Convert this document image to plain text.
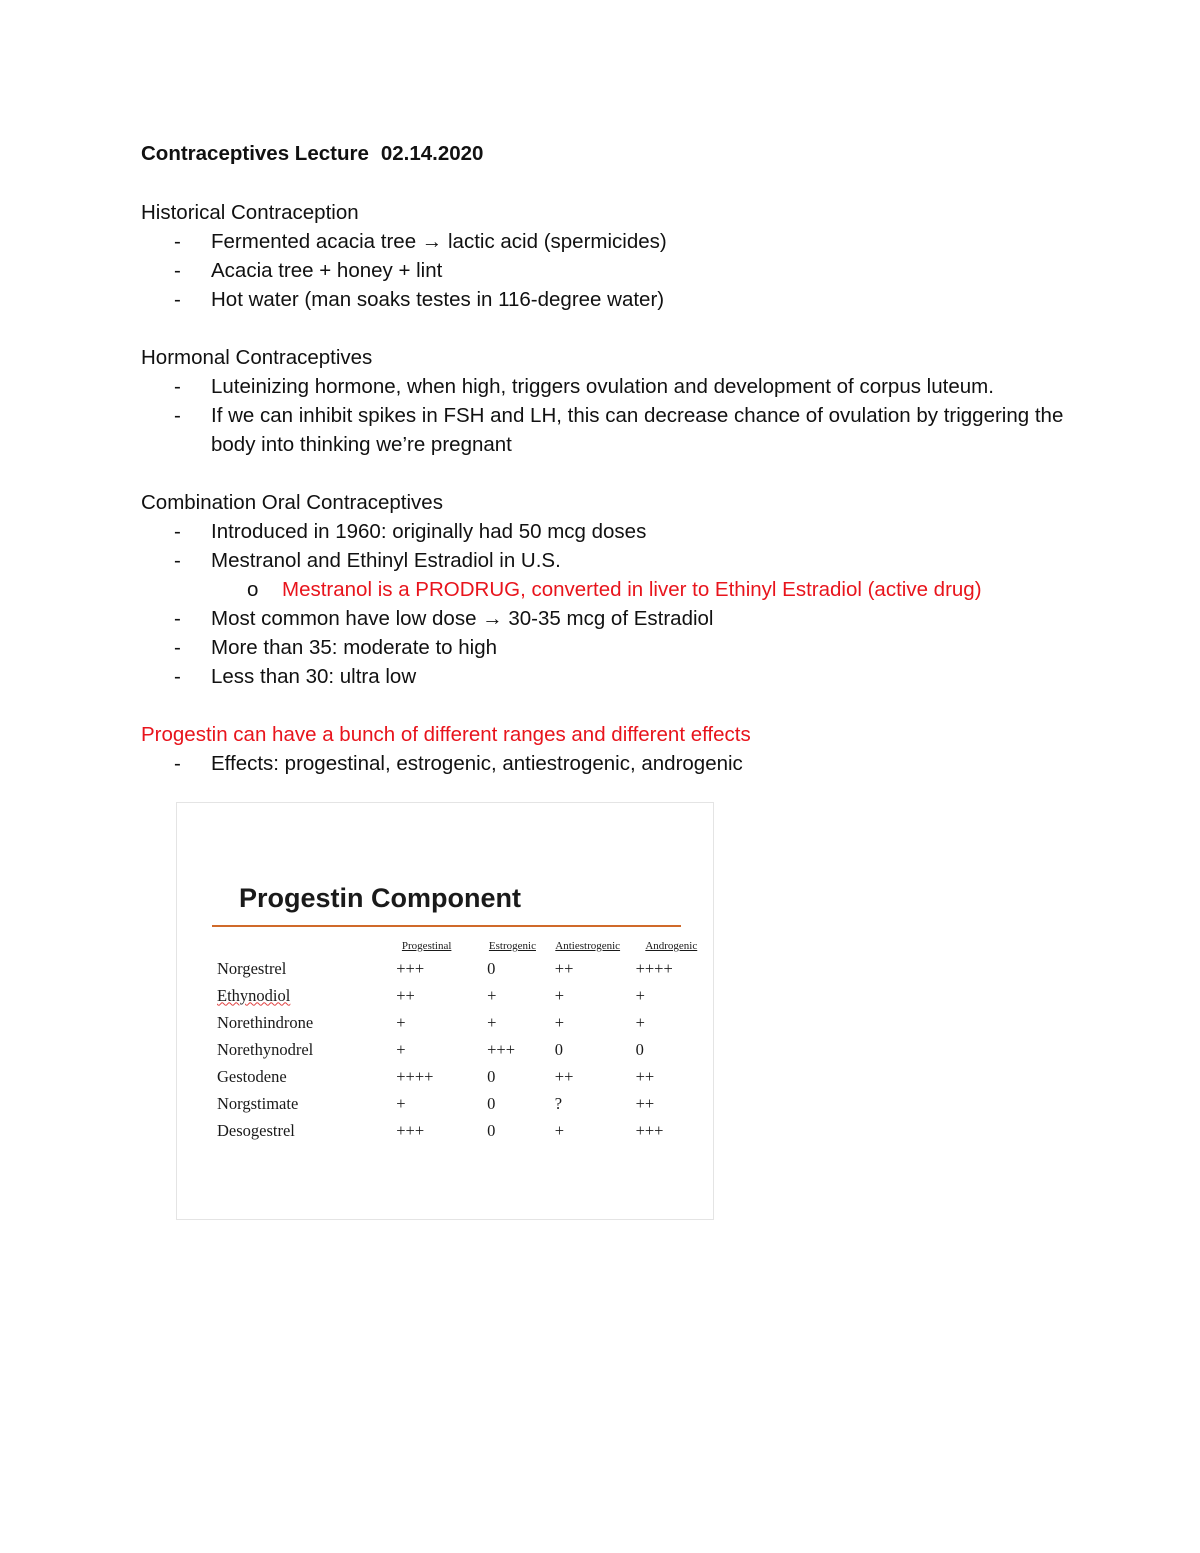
Contraceptives Lecture 02.14.2020
Historical Contraception
- Fermented acacia tree → lactic acid (spermicides)
- Acacia tree + honey + lint
- Hot water (man soaks testes in 116-degree water)
Hormonal Contraceptives
- Luteinizing hormone, when high, triggers ovulation and development of corpus luteum.
- If we can inhibit spikes in FSH and LH, this can decrease chance of ovulation by triggering the body into thinking we’re pregnant
Combination Oral Contraceptives
- Introduced in 1960: originally had 50 mcg doses
- Mestranol and Ethinyl Estradiol in U.S.
o Mestranol is a PRODRUG, converted in liver to Ethinyl Estradiol (active drug)
- Most common have low dose → 30-35 mcg of Estradiol
- More than 35: moderate to high
- Less than 30: ultra low
Progestin can have a bunch of different ranges and different effects
- Effects: progestinal, estrogenic, antiestrogenic, androgenic
Progestin Component
	Progestinal	Estrogenic	Antiestrogenic	Androgenic
Norgestrel	+++	0	++	++++
Ethynodiol	++	+	+	+
Norethindrone	+	+	+	+
Norethynodrel	+	+++	0	0
Gestodene	++++	0	++	++
Norgstimate	+	0	?	++
Desogestrel	+++	0	+	+++
